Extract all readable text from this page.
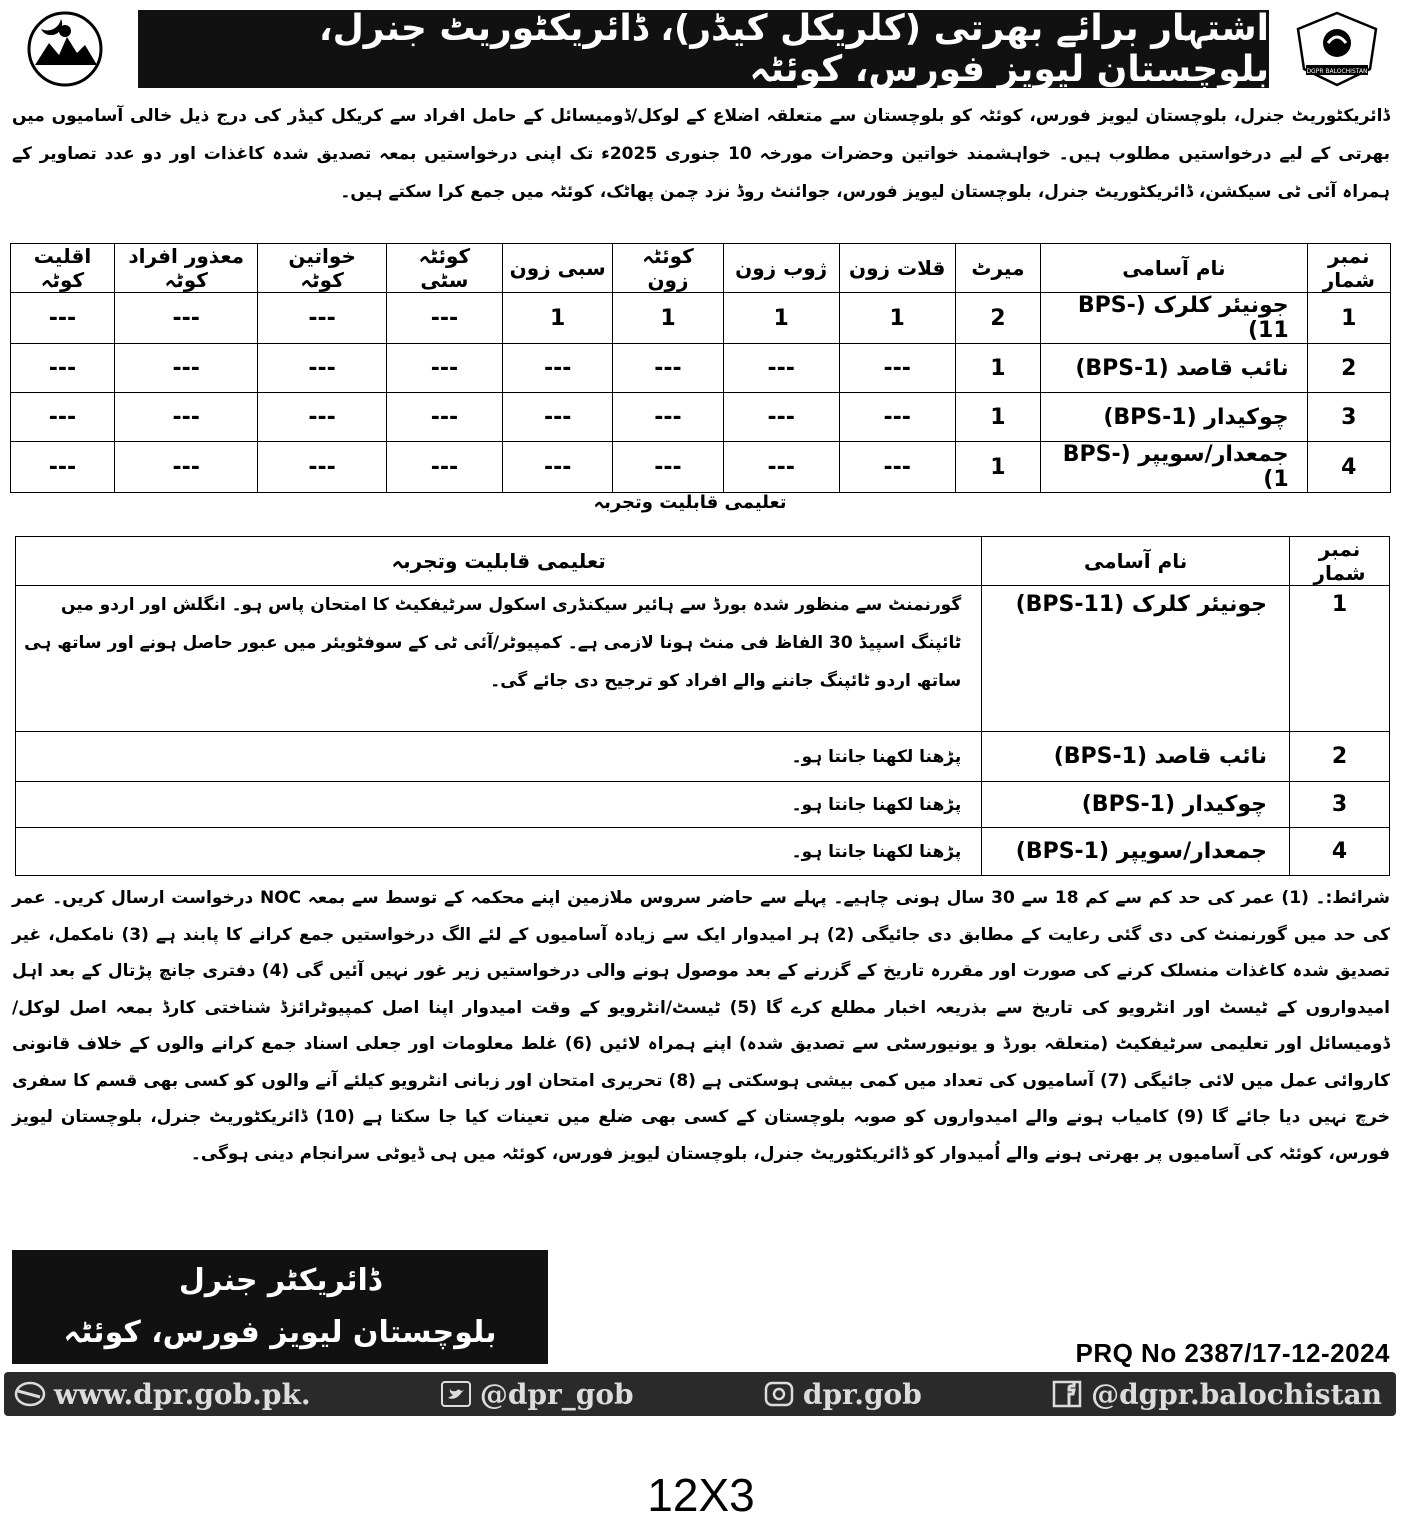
DGPR BALOCHISTAN
اشتہار برائے بھرتی (کلریکل کیڈر)، ڈائریکٹوریٹ جنرل، بلوچستان لیویز فورس، کوئٹہ
ڈائریکٹوریٹ جنرل، بلوچستان لیویز فورس، کوئٹہ کو بلوچستان سے متعلقہ اضلاع کے لوکل/ڈومیسائل کے حامل افراد سے کریکل کیڈر کی درج ذیل خالی آسامیوں میں بھرتی کے لیے درخواستیں مطلوب ہیں۔ خواہشمند خواتین وحضرات مورخہ 10 جنوری 2025ء تک اپنی درخواستیں بمعہ تصدیق شدہ کاغذات اور دو عدد تصاویر کے ہمراہ آئی ٹی سیکشن، ڈائریکٹوریٹ جنرل، بلوچستان لیویز فورس، جوائنٹ روڈ نزد چمن پھاٹک، کوئٹہ میں جمع کرا سکتے ہیں۔
نمبر شمار	نام آسامی	میرٹ	قلات زون	ژوب زون	کوئٹہ زون	سبی زون	کوئٹہ سٹی	خواتین کوٹہ	معذور افراد کوٹہ	اقلیت کوٹہ
1	جونیئر کلرک (BPS-11)	2	1	1	1	1	---	---	---	---
2	نائب قاصد (BPS-1)	1	---	---	---	---	---	---	---	---
3	چوکیدار (BPS-1)	1	---	---	---	---	---	---	---	---
4	جمعدار/سویپر (BPS-1)	1	---	---	---	---	---	---	---	---
تعلیمی قابلیت وتجربہ
نمبر شمار	نام آسامی	تعلیمی قابلیت وتجربہ
1	جونیئر کلرک (BPS-11)	گورنمنٹ سے منظور شدہ بورڈ سے ہائیر سیکنڈری اسکول سرٹیفکیٹ کا امتحان پاس ہو۔ انگلش اور اردو میں ٹائپنگ اسپیڈ 30 الفاظ فی منٹ ہونا لازمی ہے۔ کمپیوٹر/آئی ٹی کے سوفٹویئر میں عبور حاصل ہونے اور ساتھ ہی ساتھ اردو ٹائپنگ جاننے والے افراد کو ترجیح دی جائے گی۔
2	نائب قاصد (BPS-1)	پڑھنا لکھنا جانتا ہو۔
3	چوکیدار (BPS-1)	پڑھنا لکھنا جانتا ہو۔
4	جمعدار/سویپر (BPS-1)	پڑھنا لکھنا جانتا ہو۔
شرائط:۔ (1) عمر کی حد کم سے کم 18 سے 30 سال ہونی چاہیے۔ پہلے سے حاضر سروس ملازمین اپنے محکمہ کے توسط سے بمعہ NOC درخواست ارسال کریں۔ عمر کی حد میں گورنمنٹ کی دی گئی رعایت کے مطابق دی جائیگی (2) ہر امیدوار ایک سے زیادہ آسامیوں کے لئے الگ درخواستیں جمع کرانے کا پابند ہے (3) نامکمل، غیر تصدیق شدہ کاغذات منسلک کرنے کی صورت اور مقررہ تاریخ کے گزرنے کے بعد موصول ہونے والی درخواستیں زیر غور نہیں آئیں گی (4) دفتری جانچ پڑتال کے بعد اہل امیدواروں کے ٹیسٹ اور انٹرویو کی تاریخ سے بذریعہ اخبار مطلع کرے گا (5) ٹیسٹ/انٹرویو کے وقت امیدوار اپنا اصل کمپیوٹرائزڈ شناختی کارڈ بمعہ اصل لوکل/ڈومیسائل اور تعلیمی سرٹیفکیٹ (متعلقہ بورڈ و یونیورسٹی سے تصدیق شدہ) اپنے ہمراہ لائیں (6) غلط معلومات اور جعلی اسناد جمع کرانے والوں کے خلاف قانونی کاروائی عمل میں لائی جائیگی (7) آسامیوں کی تعداد میں کمی بیشی ہوسکتی ہے (8) تحریری امتحان اور زبانی انٹرویو کیلئے آنے والوں کو کسی بھی قسم کا سفری خرچ نہیں دیا جائے گا (9) کامیاب ہونے والے امیدواروں کو صوبہ بلوچستان کے کسی بھی ضلع میں تعینات کیا جا سکتا ہے (10) ڈائریکٹوریٹ جنرل، بلوچستان لیویز فورس، کوئٹہ کی آسامیوں پر بھرتی ہونے والے اُمیدوار کو ڈائریکٹوریٹ جنرل، بلوچستان لیویز فورس، کوئٹہ میں ہی ڈیوٹی سرانجام دینی ہوگی۔
ڈائریکٹر جنرل
بلوچستان لیویز فورس، کوئٹہ
PRQ No 2387/17-12-2024
www.dpr.gob.pk.	@dpr_gob	dpr.gob	@dgpr.balochistan
12X3
